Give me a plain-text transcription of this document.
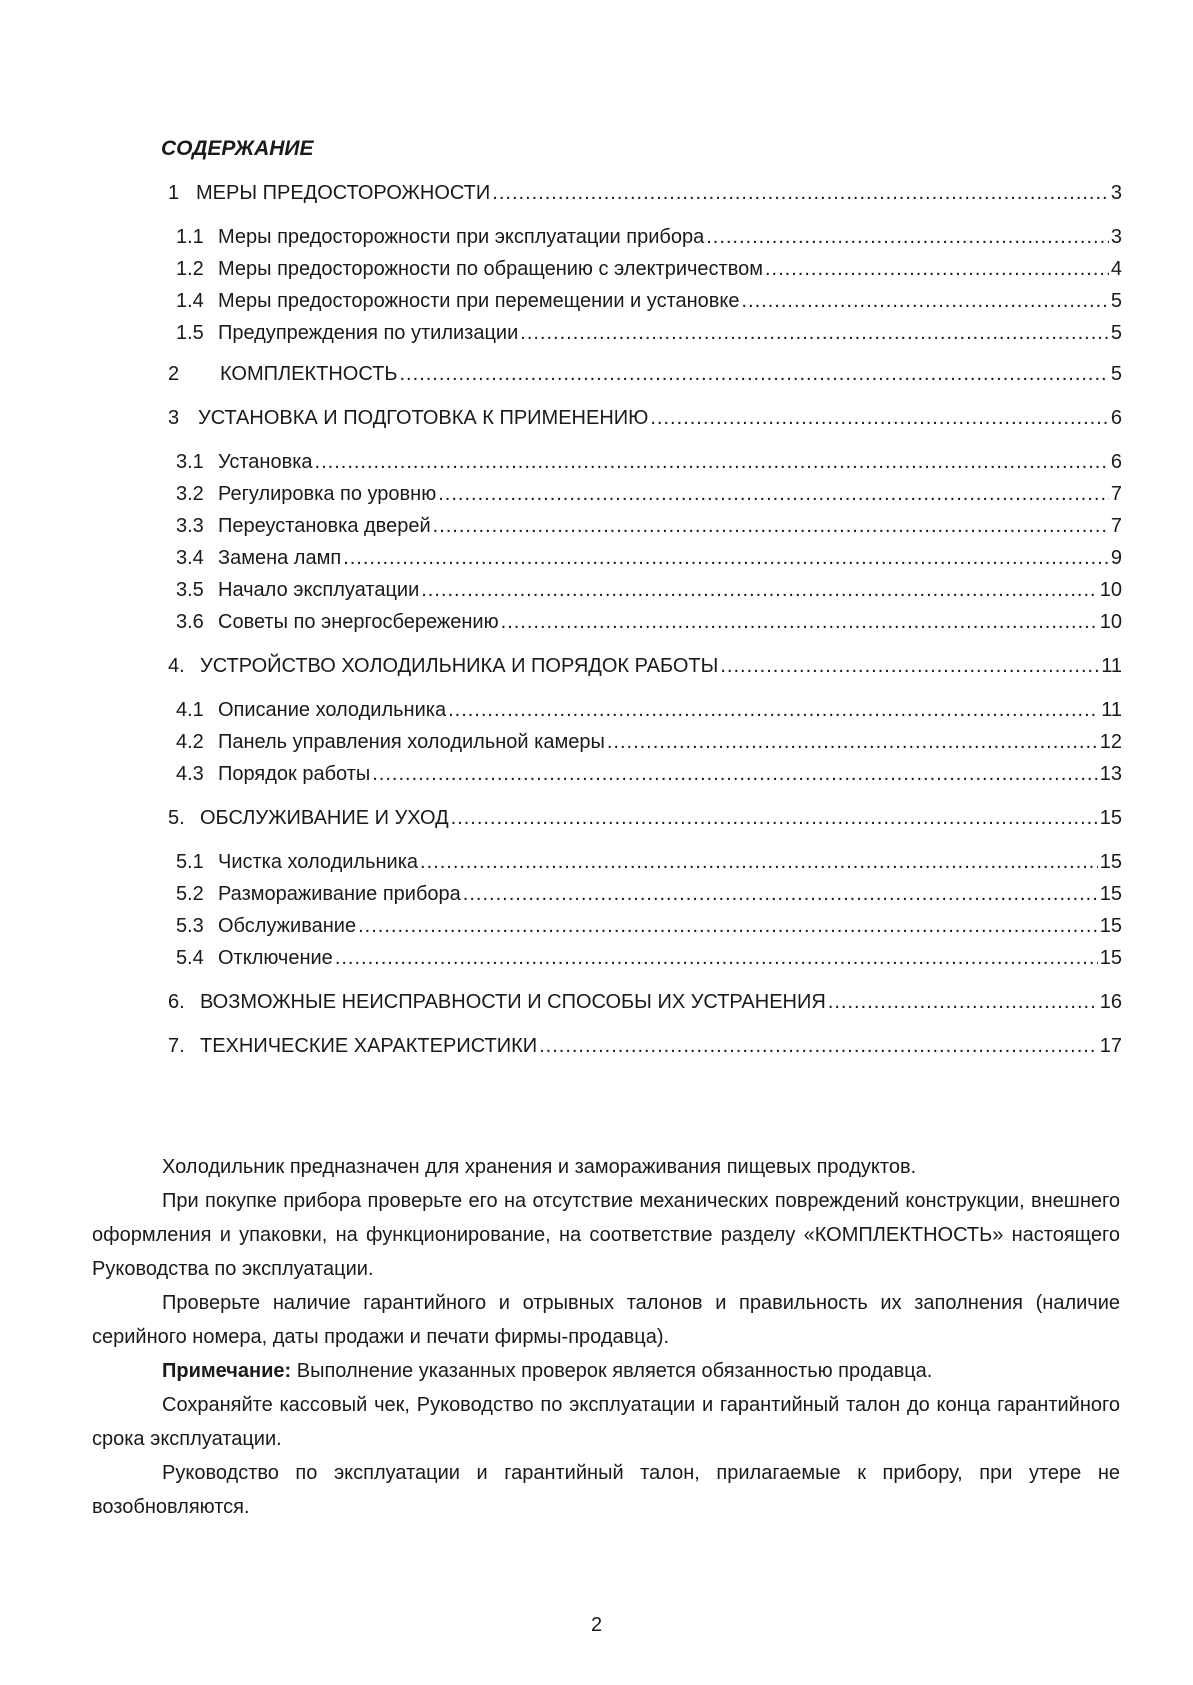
СОДЕРЖАНИЕ
1 МЕРЫ ПРЕДОСТОРОЖНОСТИ .....	3
1.1 Меры предосторожности при эксплуатации прибора .....	3
1.2 Меры предосторожности по обращению с электричеством .....	4
1.4 Меры предосторожности при перемещении и установке .....	5
1.5 Предупреждения по утилизации .....	5
2 КОМПЛЕКТНОСТЬ .....	5
3 УСТАНОВКА И ПОДГОТОВКА К ПРИМЕНЕНИЮ .....	6
3.1 Установка .....	6
3.2 Регулировка по уровню .....	7
3.3 Переустановка дверей .....	7
3.4 Замена ламп .....	9
3.5 Начало эксплуатации .....	10
3.6 Советы по энергосбережению .....	10
4. УСТРОЙСТВО ХОЛОДИЛЬНИКА И ПОРЯДОК РАБОТЫ .....	11
4.1 Описание холодильника .....	11
4.2 Панель управления холодильной камеры .....	12
4.3 Порядок работы .....	13
5. ОБСЛУЖИВАНИЕ И УХОД .....	15
5.1 Чистка холодильника .....	15
5.2 Размораживание прибора .....	15
5.3 Обслуживание .....	15
5.4 Отключение .....	15
6. ВОЗМОЖНЫЕ НЕИСПРАВНОСТИ И СПОСОБЫ ИХ УСТРАНЕНИЯ .....	16
7. ТЕХНИЧЕСКИЕ ХАРАКТЕРИСТИКИ .....	17

Холодильник предназначен для хранения и замораживания пищевых продуктов.

При покупке прибора проверьте его на отсутствие механических повреждений конструкции, внешнего оформления и упаковки, на функционирование, на соответствие разделу «КОМПЛЕКТНОСТЬ» настоящего Руководства по эксплуатации.

Проверьте наличие гарантийного и отрывных талонов и правильность их заполнения (наличие серийного номера, даты продажи и печати фирмы-продавца).

Примечание: Выполнение указанных проверок является обязанностью продавца.

Сохраняйте кассовый чек, Руководство по эксплуатации и гарантийный талон до конца гарантийного срока эксплуатации.

Руководство по эксплуатации и гарантийный талон, прилагаемые к прибору, при утере не возобновляются.

2
